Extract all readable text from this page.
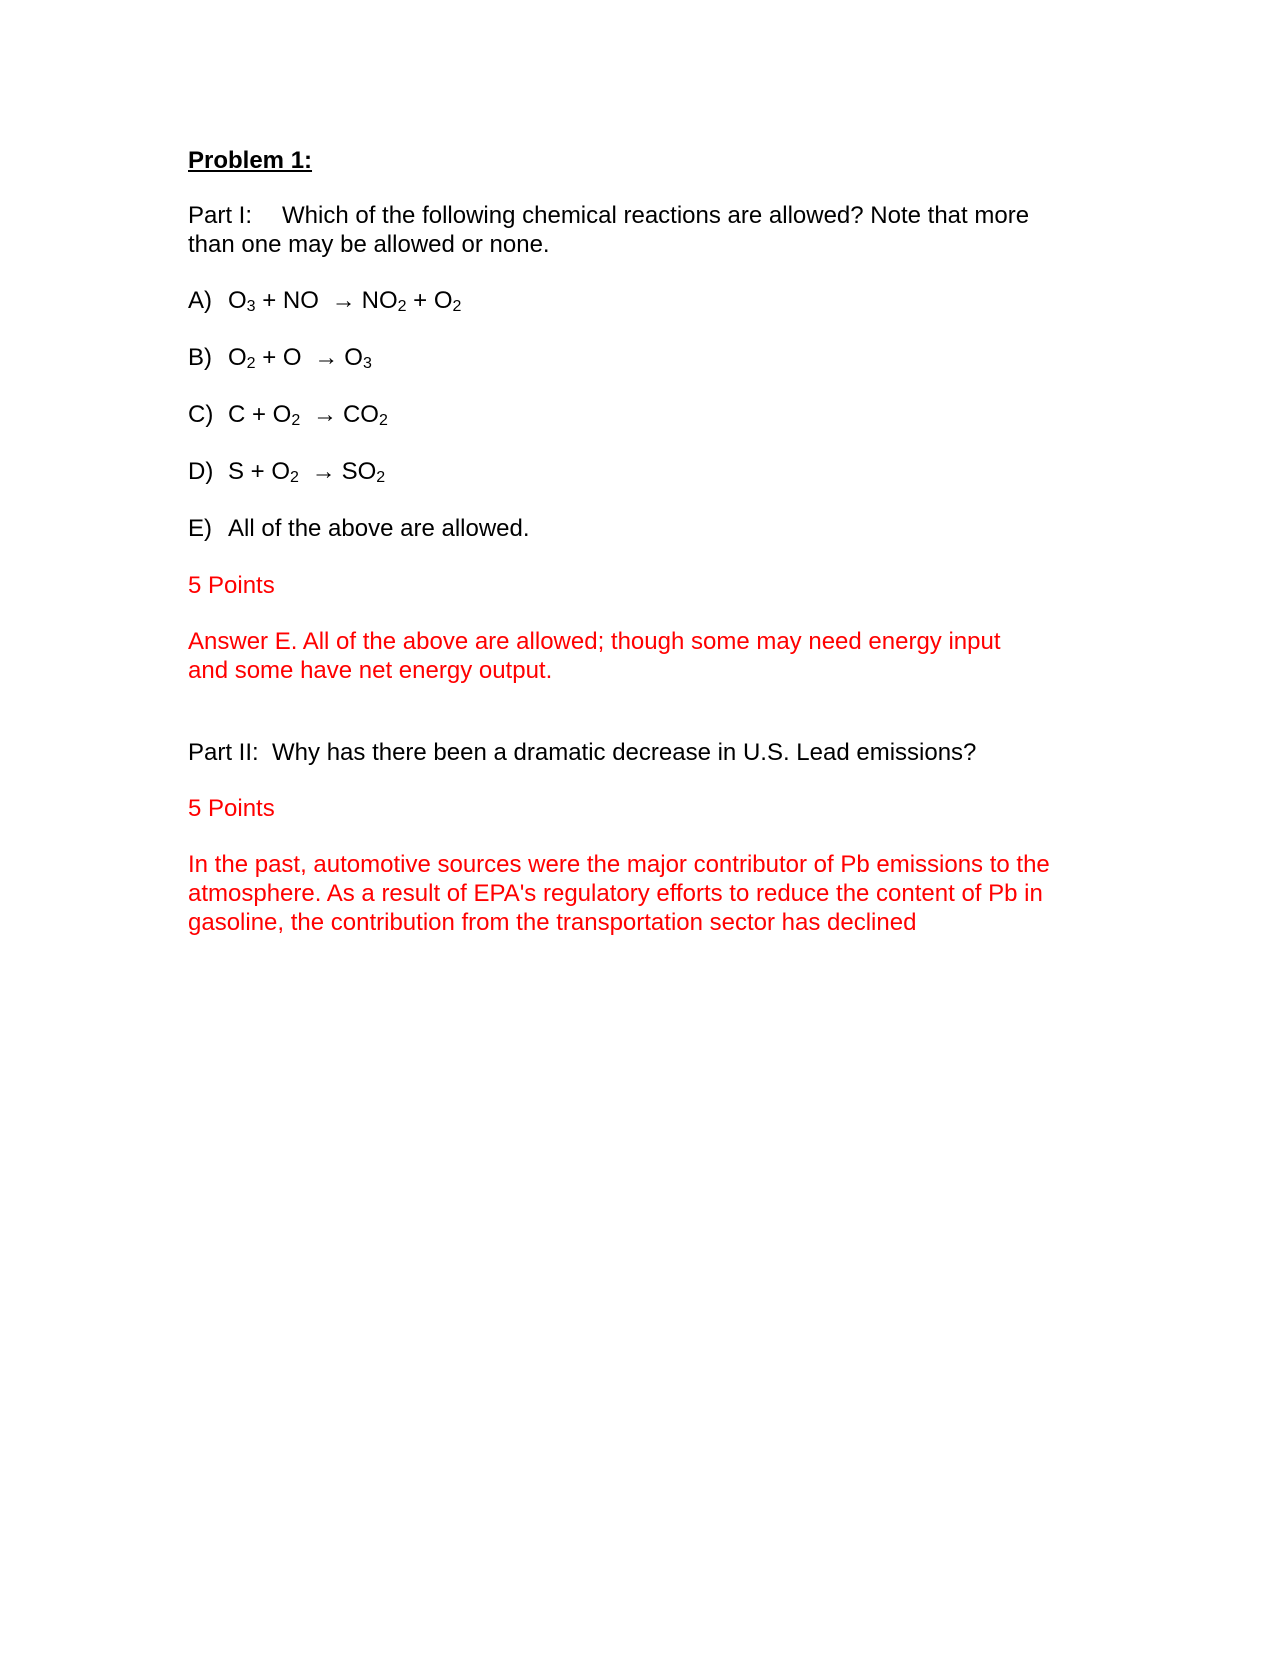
Problem 1:

Part I: Which of the following chemical reactions are allowed? Note that more
than one may be allowed or none.

A) $O_3$ + NO → $NO_2 + O_2$

B) $O_2 + O \to O_3$

C) $C + O_2 \to CO_2$

D) $S + O_2 \to SO_2$

E) All of the above are allowed.

5 Points

Answer E. All of the above are allowed; though some may need energy input
and some have net energy output.

Part II: Why has there been a dramatic decrease in U.S. Lead emissions?

5 Points

In the past, automotive sources were the major contributor of Pb emissions to the
atmosphere. As a result of EPA's regulatory efforts to reduce the content of Pb in
gasoline, the contribution from the transportation sector has declined
